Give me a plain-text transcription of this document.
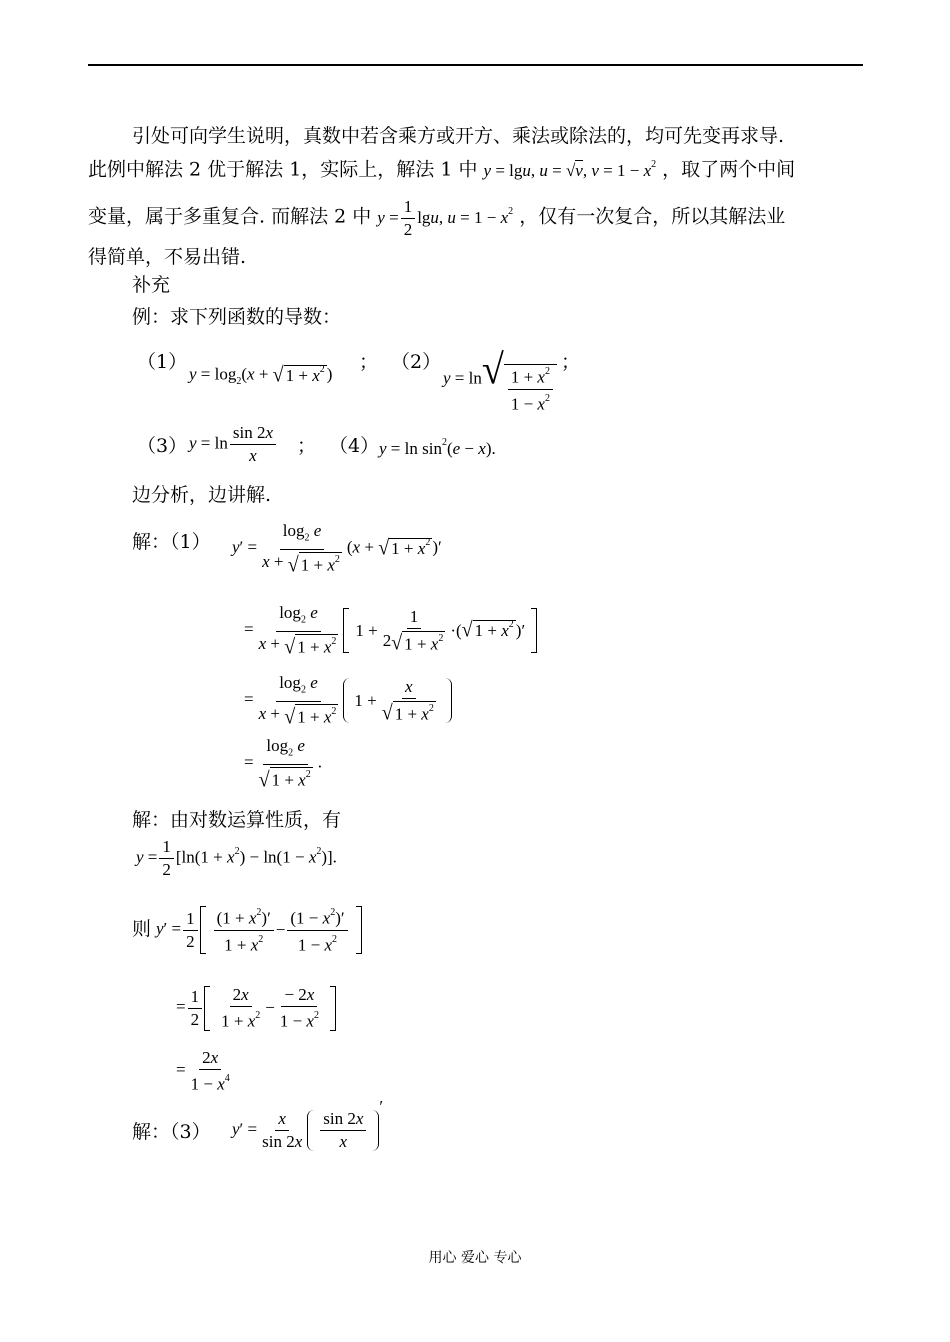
引处可向学生说明，真数中若含乘方或开方、乘法或除法的，均可先变再求导.
此例中解法 2 优于解法 1，实际上，解法 1 中 y = lgu, u = √v, $v = 1 - x^2$ ，取了两个中间
变量，属于多重复合. 而解法 2 中 $y = \frac{1}{2} \lg u$, $u = 1 - x^2$ ，仅有一次复合，所以其解法业
得简单，不易出错.
补充
例：求下列函数的导数：
（1）
$y = \log_2(x$ + √ $1 + x^2$ )
； （2）
$y = \ln√ \frac{1 + x^2}{1 - x^2}$
；
（3） $y = \ln \frac{\sin 2x}{x}$ ； （4） $y = \ln \sin^2(e - x)$.
边分析，边讲解.
解：（1） $y' = \frac{\log_2 e}{x + √ 1 + x^2} (x$ + √ $1 + x^2$ )′
= $\frac{\log_2 e}{x + √ 1 + x^2} 1 + \frac{1}{2√ 1 + x^2}$ ·( √ $1 + x^2$ )′
= $\frac{\log_2 e}{x + √ 1 + x^2} 1 + \frac{x}{√ 1 + x^2}$
= $\frac{\log_2 e}{√ 1 + x^2}$ .
解：由对数运算性质，有
$y = \frac{1}{2} [\ln(1 + x^2) - \ln(1 - x^2)]$.
则 $y' = \frac{1}{2} \frac{(1 + x^2)'}{1 + x^2} - \frac{(1 - x^2)'}{1 - x^2}$
= $\frac{1}{2} \frac{2x}{1 + x^2} - \frac{- 2x}{1 - x^2}$
= $\frac{2x}{1 - x^4}$
解：（3） $y' = \frac{x}{\sin 2x} \frac{\sin 2x}{x}$
′
用心 爱心 专心
